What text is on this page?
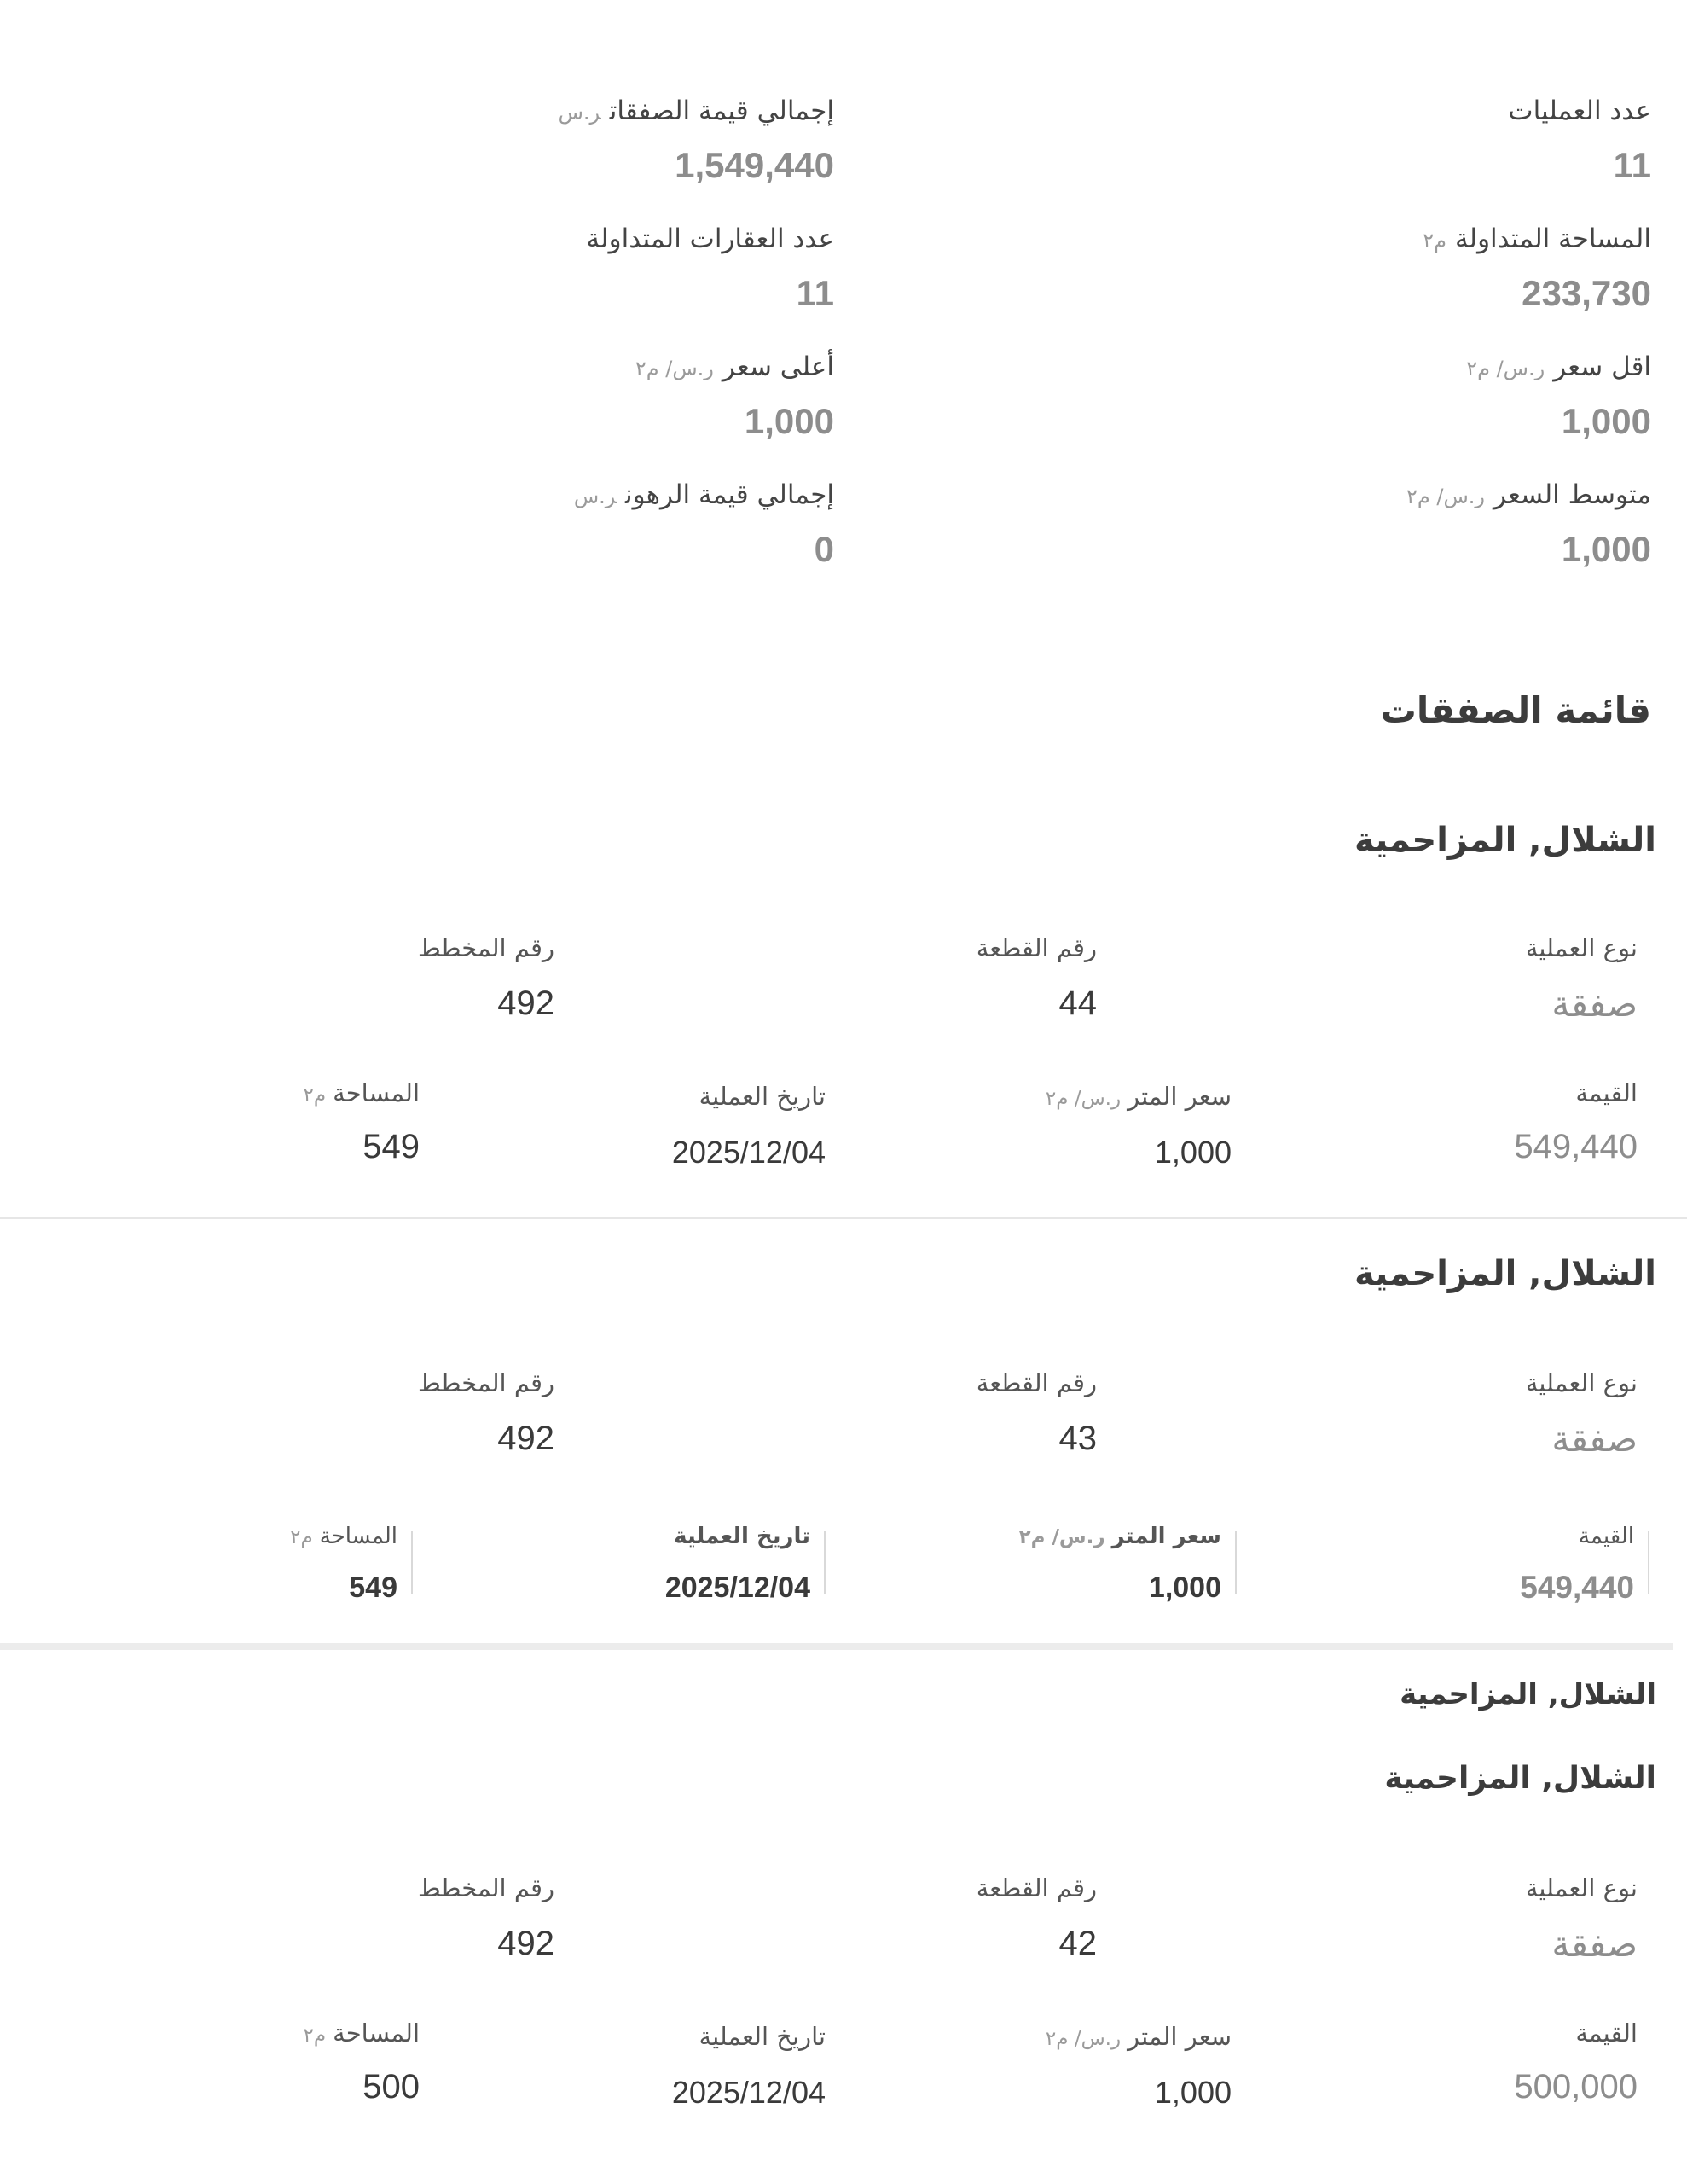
عدد العمليات
11
إجمالي قيمة الصفقاتر.س
1,549,440
المساحة المتداولةم٢
233,730
عدد العقارات المتداولة
11
اقل سعرر.س/ م٢
1,000
أعلى سعرر.س/ م٢
1,000
متوسط السعرر.س/ م٢
1,000
إجمالي قيمة الرهونر.س
0
قائمة الصفقات
الشلال, المزاحمية
نوع العملية
صفقة
رقم القطعة
44
رقم المخطط
492
القيمة
549,440
سعر المترر.س/ م٢
1,000
تاريخ العملية
2025/12/04
المساحةم٢
549
الشلال, المزاحمية
نوع العملية
صفقة
رقم القطعة
43
رقم المخطط
492
القيمة
549,440
سعر المترر.س/ م٢
1,000
تاريخ العملية
2025/12/04
المساحةم٢
549
الشلال, المزاحمية
الشلال, المزاحمية
نوع العملية
صفقة
رقم القطعة
42
رقم المخطط
492
القيمة
500,000
سعر المترر.س/ م٢
1,000
تاريخ العملية
2025/12/04
المساحةم٢
500
